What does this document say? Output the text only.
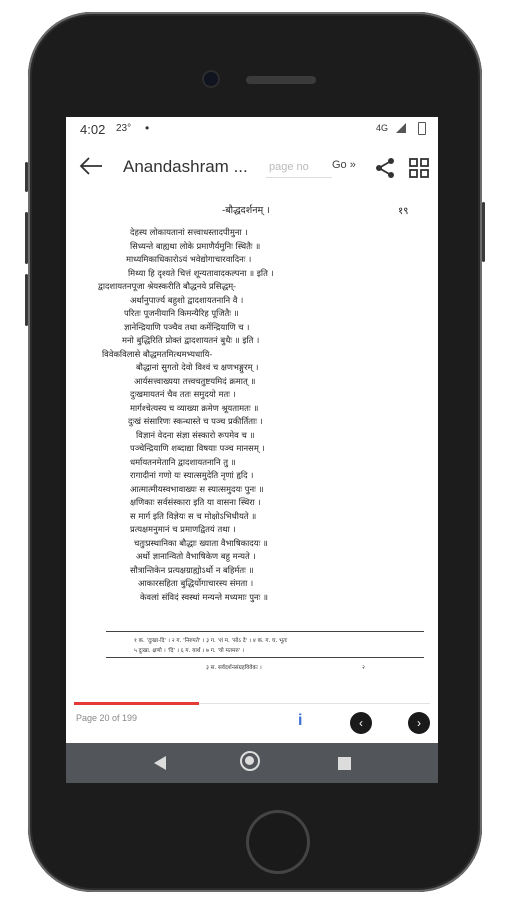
4:02 23° •	4G
Anandashram ...
page no	Go »
-बौद्धदर्शनम् ।	१९
देहस्य लोकायतानां सत्त्वाधस्तादपीमुना ।
सिध्यन्ते बाह्यथा लोके प्रमाणैर्यमुनिः स्थितैः ॥
माध्यमिकाधिकारोऽयं भवेद्योगाचारवादिनः ।
मिथ्या हि दृश्यते चित्तं शून्यतावादकल्पना ॥ इति ।
द्वादशायतनपूजा श्रेयस्करीति बौद्धनये प्रसिद्धम्-
अर्थानुपार्ज्य बहुशो द्वादशायतनानि वै ।
परितः पूजनीयानि किमन्यैरिह पूजितैः ॥
ज्ञानेन्द्रियाणि पञ्चैव तथा कर्मेन्द्रियाणि च ।
मनो बुद्धिरिति प्रोक्तं द्वादशायतनं बुधैः ॥ इति ।
विवेकविलासे बौद्धमतमित्थमभ्यधायि-
बौद्धानां सुगतो देवो विश्वं च क्षणभङ्गुरम् ।
आर्यसत्त्वाख्यया तत्त्वचतुष्टयमिदं क्रमात् ॥
दुःखमायतनं चैव ततः समुदयो मतः ।
मार्गश्चेत्यस्य च व्याख्या क्रमेण श्रूयतामतः ॥
दुःखं संसारिणः स्कन्धास्ते च पञ्च प्रकीर्तिताः ।
विज्ञानं वेदना संज्ञा संस्कारो रूपमेव च ॥
पञ्चेन्द्रियाणि शब्दाद्या विषयाः पञ्च मानसम् ।
धर्मायतनमेतानि द्वादशायतनानि तु ॥
रागादीनां गणो यः स्यात्समुदेति नृणां हृदि ।
आत्मात्मीयस्वभावाख्यः स स्यात्समुदयः पुनः ॥
क्षणिकाः सर्वसंस्कारा इति या वासना स्थिरा ।
स मार्ग इति विज्ञेयः स च मोक्षोऽभिधीयते ॥
प्रत्यक्षमनुमानं च प्रमाणद्वितयं तथा ।
चतुःप्रस्थानिका बौद्धाः ख्याता वैभाषिकादयः ॥
अर्थो ज्ञानान्वितो वैभाषिकेण बहु मन्यते ।
सौत्रान्तिकेन प्रत्यक्षग्राह्योऽर्थो न बहिर्मतः ॥
आकारसहिता बुद्धिर्योगाचारस्य संमता ।
केवलां संविदं स्वस्थां मन्यन्ते मध्यमाः पुनः ॥
१ क. 'दुःखा-दि' । २ ग. 'निरुपते' । ३ ग. 'शं म. 'सोऽ दे' । ४ क. ग. घ. भूतः
५ दुःखा. क्षणो । 'दि' । ६ ग. यार्थ । ७ ग. 'यो मतमरु' ।
३ स. सर्वदर्शनसंग्रहविवेकः ।	२
Page 20 of 199	i	‹	›
